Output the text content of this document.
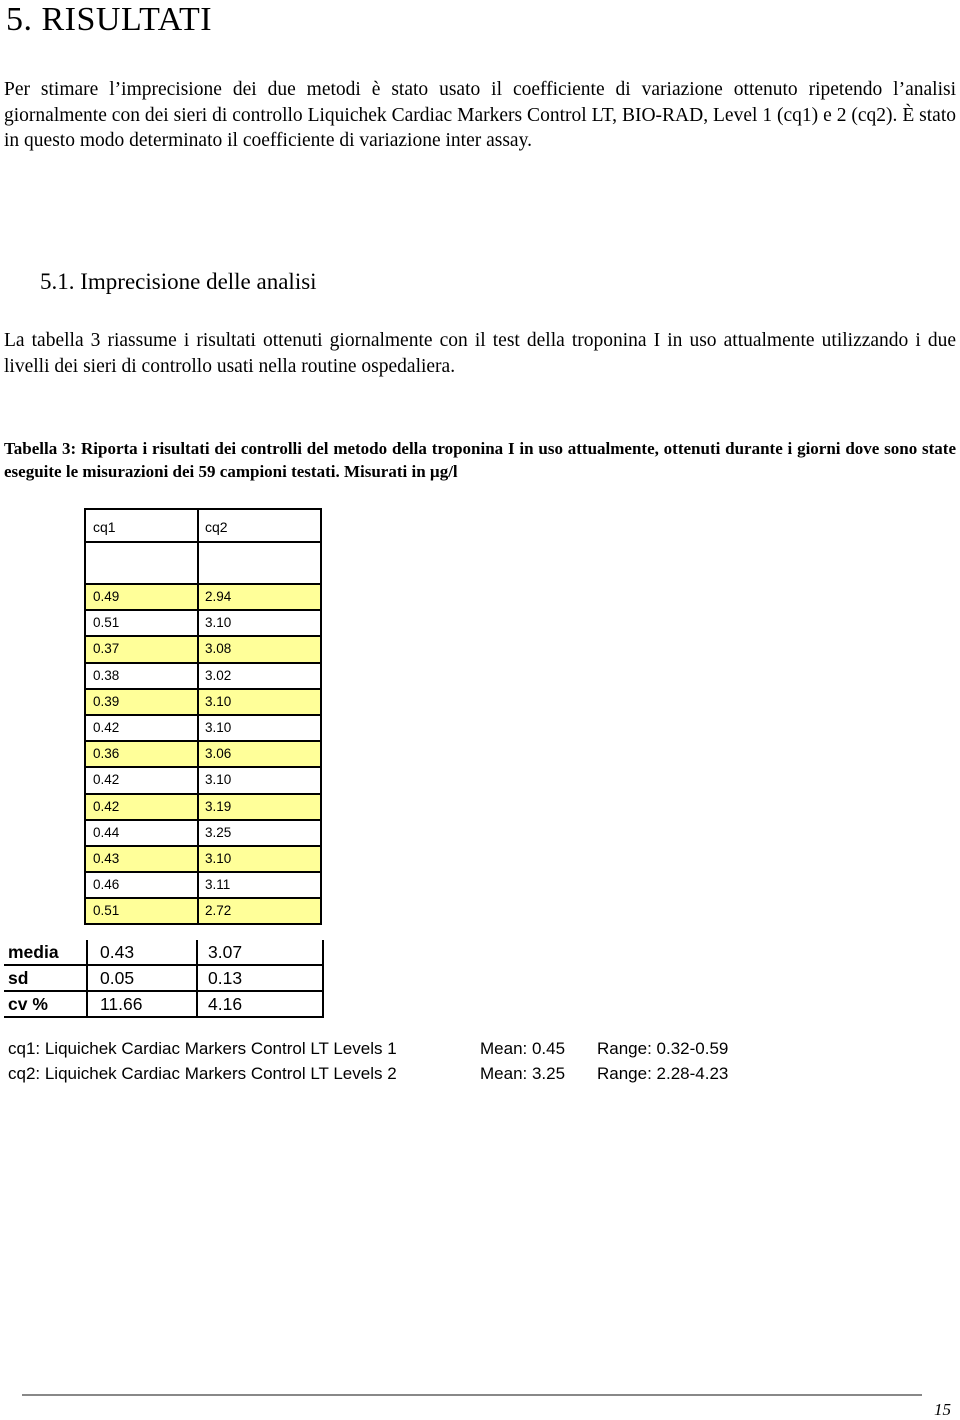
5. RISULTATI
Per stimare l’imprecisione dei due metodi è stato usato il coefficiente di variazione ottenuto ripetendo l’analisi giornalmente con dei sieri di controllo Liquichek Cardiac Markers Control LT, BIO-RAD, Level 1 (cq1) e 2 (cq2). È stato in questo modo determinato il coefficiente di variazione inter assay.
5.1. Imprecisione delle analisi
La tabella 3 riassume i risultati ottenuti giornalmente con il test della troponina I in uso attualmente utilizzando i due livelli dei sieri di controllo usati nella routine ospedaliera.
Tabella 3: Riporta i risultati dei controlli del metodo della troponina I in uso attualmente, ottenuti durante i giorni dove sono state eseguite le misurazioni dei 59 campioni testati. Misurati in µg/l
cq1	cq2
0.49	2.94
0.51	3.10
0.37	3.08
0.38	3.02
0.39	3.10
0.42	3.10
0.36	3.06
0.42	3.10
0.42	3.19
0.44	3.25
0.43	3.10
0.46	3.11
0.51	2.72
media 0.43	3.07
sd	0.05	0.13
cv %	11.66	4.16
cq1: Liquichek Cardiac Markers Control LT Levels 1	Mean: 0.45 Range: 0.32-0.59
cq2: Liquichek Cardiac Markers Control LT Levels 2	Mean: 3.25 Range: 2.28-4.23
15
